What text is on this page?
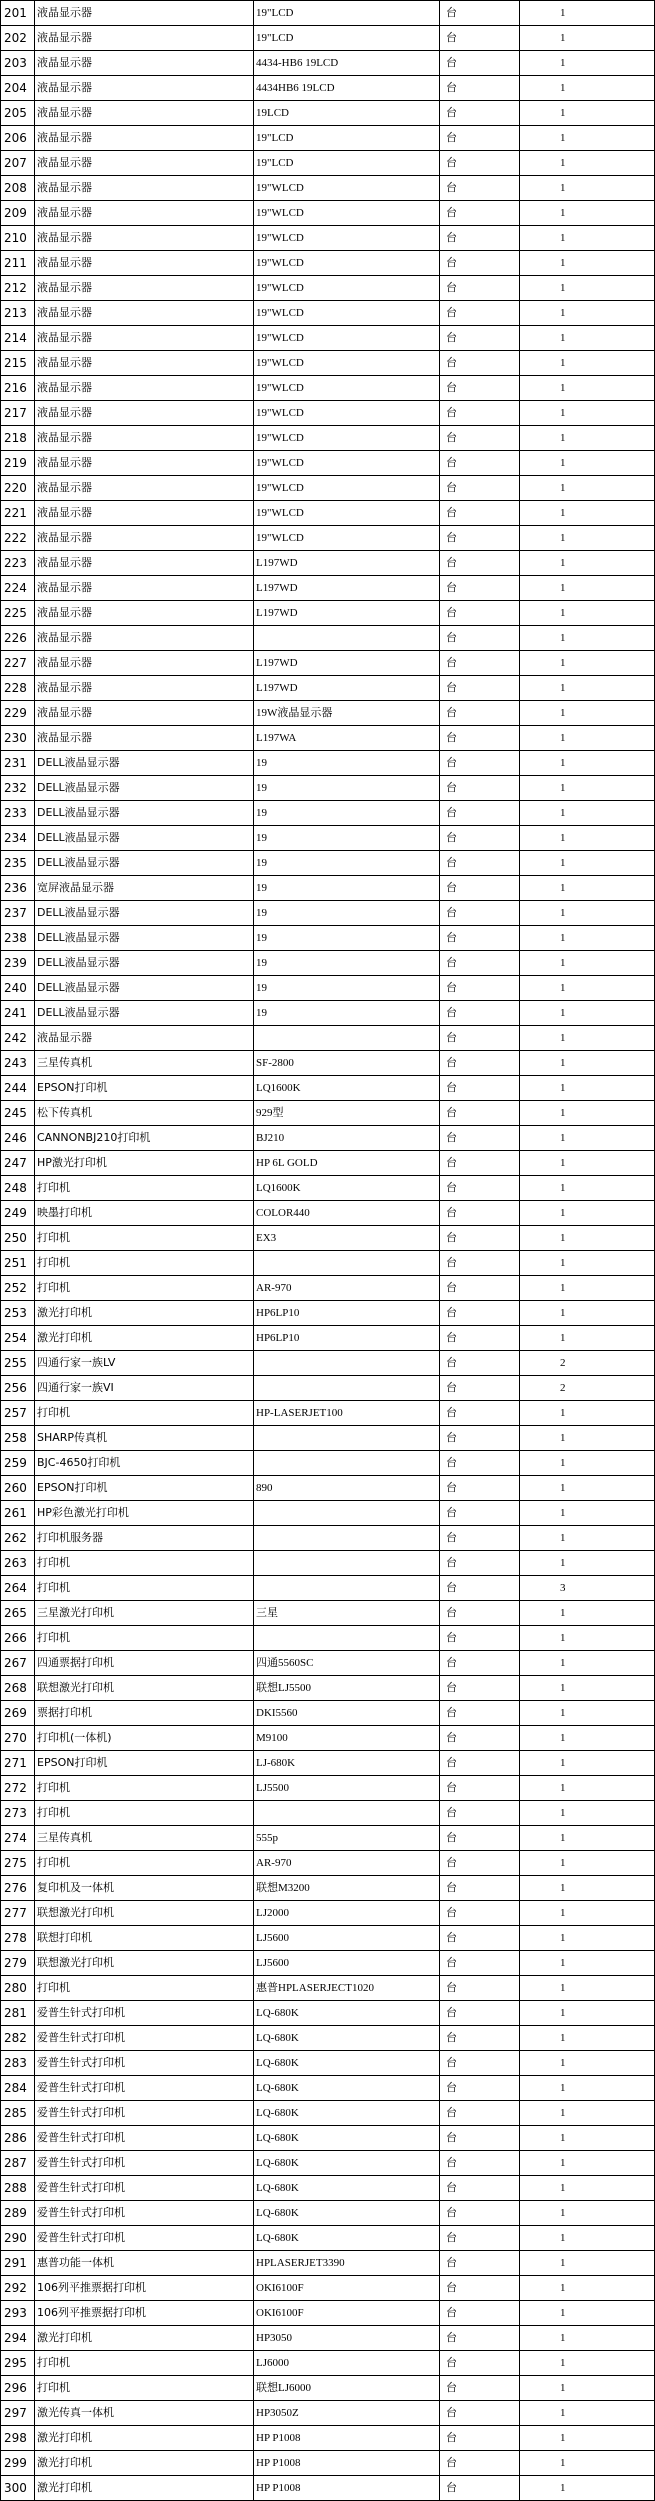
201	液晶显示器	19"LCD	台	1
202	液晶显示器	19"LCD	台	1
203	液晶显示器	4434-HB6 19LCD	台	1
204	液晶显示器	4434HB6 19LCD	台	1
205	液晶显示器	19LCD	台	1
206	液晶显示器	19"LCD	台	1
207	液晶显示器	19"LCD	台	1
208	液晶显示器	19"WLCD	台	1
209	液晶显示器	19"WLCD	台	1
210	液晶显示器	19"WLCD	台	1
211	液晶显示器	19"WLCD	台	1
212	液晶显示器	19"WLCD	台	1
213	液晶显示器	19"WLCD	台	1
214	液晶显示器	19"WLCD	台	1
215	液晶显示器	19"WLCD	台	1
216	液晶显示器	19"WLCD	台	1
217	液晶显示器	19"WLCD	台	1
218	液晶显示器	19"WLCD	台	1
219	液晶显示器	19"WLCD	台	1
220	液晶显示器	19"WLCD	台	1
221	液晶显示器	19"WLCD	台	1
222	液晶显示器	19"WLCD	台	1
223	液晶显示器	L197WD	台	1
224	液晶显示器	L197WD	台	1
225	液晶显示器	L197WD	台	1
226	液晶显示器		台	1
227	液晶显示器	L197WD	台	1
228	液晶显示器	L197WD	台	1
229	液晶显示器	19W液晶显示器	台	1
230	液晶显示器	L197WA	台	1
231	DELL液晶显示器	19	台	1
232	DELL液晶显示器	19	台	1
233	DELL液晶显示器	19	台	1
234	DELL液晶显示器	19	台	1
235	DELL液晶显示器	19	台	1
236	宽屏液晶显示器	19	台	1
237	DELL液晶显示器	19	台	1
238	DELL液晶显示器	19	台	1
239	DELL液晶显示器	19	台	1
240	DELL液晶显示器	19	台	1
241	DELL液晶显示器	19	台	1
242	液晶显示器		台	1
243	三星传真机	SF-2800	台	1
244	EPSON打印机	LQ1600K	台	1
245	松下传真机	929型	台	1
246	CANNONBJ210打印机	BJ210	台	1
247	HP激光打印机	HP 6L GOLD	台	1
248	打印机	LQ1600K	台	1
249	映墨打印机	COLOR440	台	1
250	打印机	EX3	台	1
251	打印机		台	1
252	打印机	AR-970	台	1
253	激光打印机	HP6LP10	台	1
254	激光打印机	HP6LP10	台	1
255	四通行家一族LV		台	2
256	四通行家一族VI		台	2
257	打印机	HP-LASERJET100	台	1
258	SHARP传真机		台	1
259	BJC-4650打印机		台	1
260	EPSON打印机	890	台	1
261	HP彩色激光打印机		台	1
262	打印机服务器		台	1
263	打印机		台	1
264	打印机		台	3
265	三星激光打印机	三星	台	1
266	打印机		台	1
267	四通票据打印机	四通5560SC	台	1
268	联想激光打印机	联想LJ5500	台	1
269	票据打印机	DKI5560	台	1
270	打印机(一体机)	M9100	台	1
271	EPSON打印机	LJ-680K	台	1
272	打印机	LJ5500	台	1
273	打印机		台	1
274	三星传真机	555p	台	1
275	打印机	AR-970	台	1
276	复印机及一体机	联想M3200	台	1
277	联想激光打印机	LJ2000	台	1
278	联想打印机	LJ5600	台	1
279	联想激光打印机	LJ5600	台	1
280	打印机	惠普HPLASERJECT1020	台	1
281	爱普生针式打印机	LQ-680K	台	1
282	爱普生针式打印机	LQ-680K	台	1
283	爱普生针式打印机	LQ-680K	台	1
284	爱普生针式打印机	LQ-680K	台	1
285	爱普生针式打印机	LQ-680K	台	1
286	爱普生针式打印机	LQ-680K	台	1
287	爱普生针式打印机	LQ-680K	台	1
288	爱普生针式打印机	LQ-680K	台	1
289	爱普生针式打印机	LQ-680K	台	1
290	爱普生针式打印机	LQ-680K	台	1
291	惠普功能一体机	HPLASERJET3390	台	1
292	106列平推票据打印机	OKI6100F	台	1
293	106列平推票据打印机	OKI6100F	台	1
294	激光打印机	HP3050	台	1
295	打印机	LJ6000	台	1
296	打印机	联想LJ6000	台	1
297	激光传真一体机	HP3050Z	台	1
298	激光打印机	HP P1008	台	1
299	激光打印机	HP P1008	台	1
300	激光打印机	HP P1008	台	1
